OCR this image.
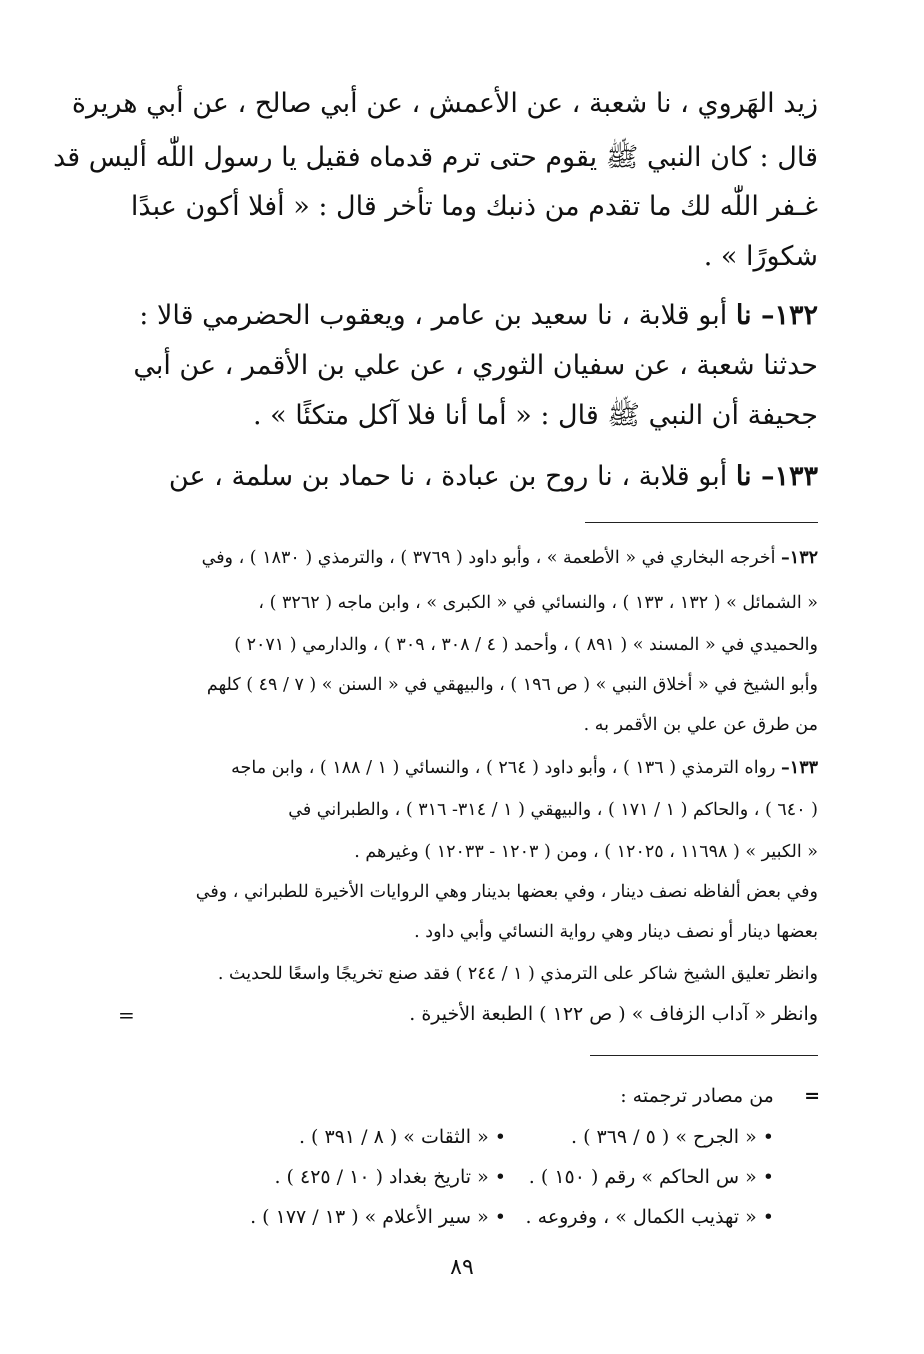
زيد الهَروي ، نا شعبة ، عن الأعمش ، عن أبي صالح ، عن أبي هريرة
قال : كان النبي ﷺ يقوم حتى ترم قدماه فقيل يا رسول اللّٰه أليس قد
غـفر اللّٰه لك ما تقدم من ذنبك وما تأخر قال : « أفلا أكون عبدًا
شكورًا » .
١٣٢– نا أبو قلابة ، نا سعيد بن عامر ، ويعقوب الحضرمي قالا :
حدثنا شعبة ، عن سفيان الثوري ، عن علي بن الأقمر ، عن أبي
جحيفة أن النبي ﷺ قال : « أما أنا فلا آكل متكئًا » .
١٣٣– نا أبو قلابة ، نا روح بن عبادة ، نا حماد بن سلمة ، عن
١٣٢– أخرجه البخاري في « الأطعمة » ، وأبو داود ( ٣٧٦٩ ) ، والترمذي ( ١٨٣٠ ) ، وفي
« الشمائل » ( ١٣٢ ، ١٣٣ ) ، والنسائي في « الكبرى » ، وابن ماجه ( ٣٢٦٢ ) ،
والحميدي في « المسند » ( ٨٩١ ) ، وأحمد ( ٤ / ٣٠٨ ، ٣٠٩ ) ، والدارمي ( ٢٠٧١ )
وأبو الشيخ في « أخلاق النبي » ( ص ١٩٦ ) ، والبيهقي في « السنن » ( ٧ / ٤٩ ) كلهم
من طرق عن علي بن الأقمر به .
١٣٣– رواه الترمذي ( ١٣٦ ) ، وأبو داود ( ٢٦٤ ) ، والنسائي ( ١ / ١٨٨ ) ، وابن ماجه
( ٦٤٠ ) ، والحاكم ( ١ / ١٧١ ) ، والبيهقي ( ١ / ٣١٤- ٣١٦ ) ، والطبراني في
« الكبير » ( ١١٦٩٨ ، ١٢٠٢٥ ) ، ومن ( ١٢٠٣ - ١٢٠٣٣ ) وغيرهم .
وفي بعض ألفاظه نصف دينار ، وفي بعضها بدينار وهي الروايات الأخيرة للطبراني ، وفي
بعضها دينار أو نصف دينار وهي رواية النسائي وأبي داود .
وانظر تعليق الشيخ شاكر على الترمذي ( ١ / ٢٤٤ ) فقد صنع تخريجًا واسعًا للحديث .
وانظر « آداب الزفاف » ( ص ١٢٢ ) الطبعة الأخيرة .
=
=     من مصادر ترجمته :
• « الجرح » ( ٥ / ٣٦٩ ) . • « الثقات » ( ٨ / ٣٩١ ) .
• « س الحاكم » رقم ( ١٥٠ ) . • « تاريخ بغداد ( ١٠ / ٤٢٥ ) .
• « تهذيب الكمال » ، وفروعه . • « سير الأعلام » ( ١٣ / ١٧٧ ) .
٨٩
